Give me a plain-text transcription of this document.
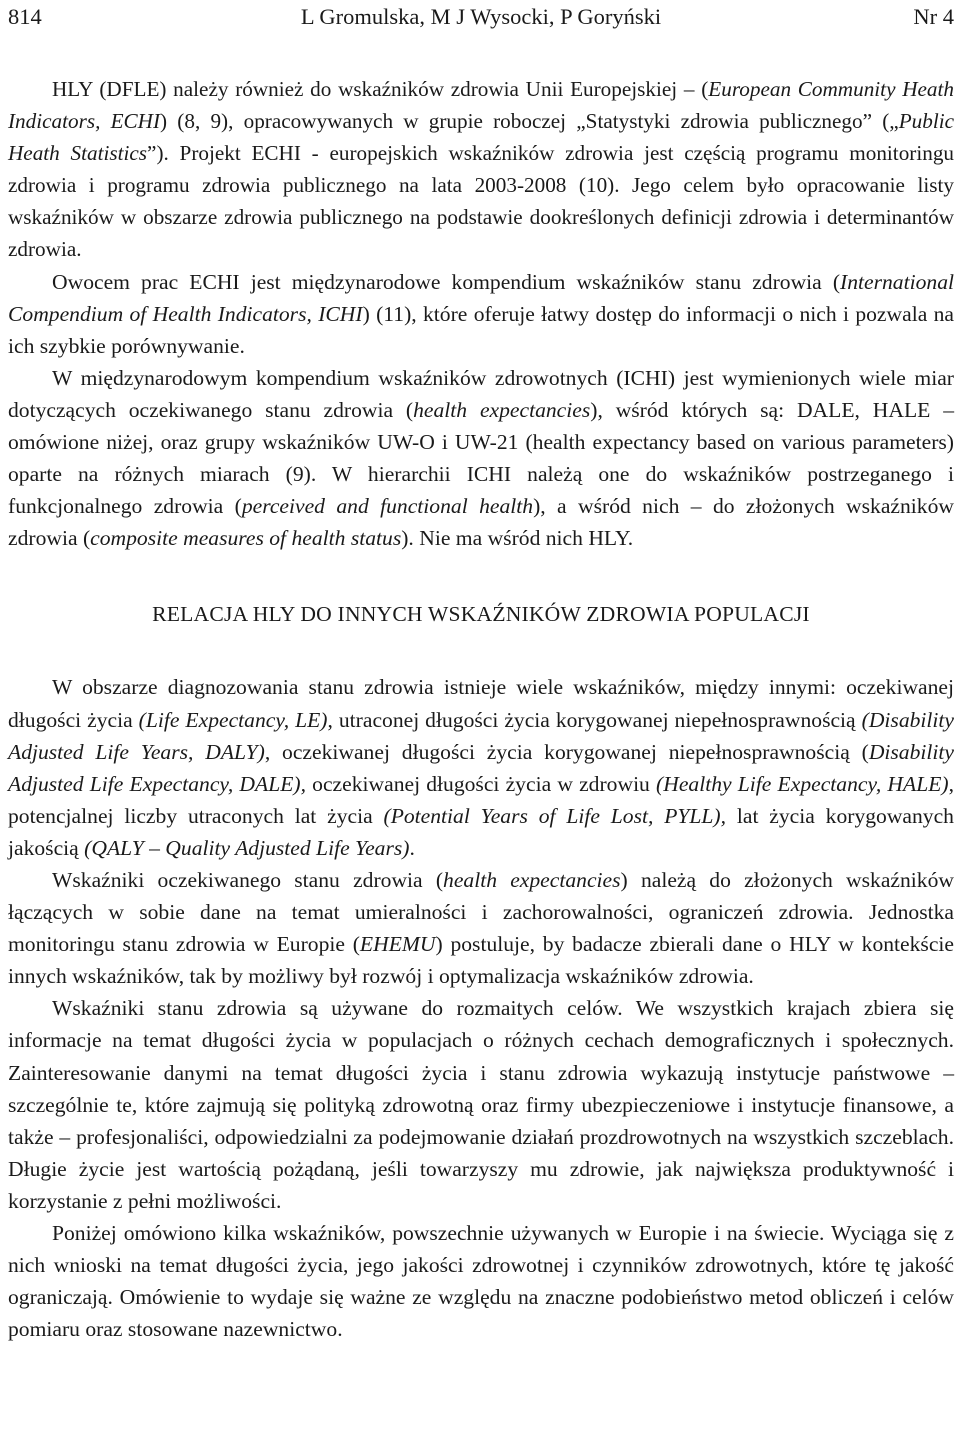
814	L Gromulska, M J Wysocki, P Goryński	Nr 4

HLY (DFLE) należy również do wskaźników zdrowia Unii Europejskiej – (European Community Heath Indicators, ECHI) (8, 9), opracowywanych w grupie roboczej „Statystyki zdrowia publicznego” („Public Heath Statistics”). Projekt ECHI - europejskich wskaźników zdrowia jest częścią programu monitoringu zdrowia i programu zdrowia publicznego na lata 2003-2008 (10). Jego celem było opracowanie listy wskaźników w obszarze zdrowia publicznego na podstawie dookreślonych definicji zdrowia i determinantów zdrowia.

Owocem prac ECHI jest międzynarodowe kompendium wskaźników stanu zdrowia (International Compendium of Health Indicators, ICHI) (11), które oferuje łatwy dostęp do informacji o nich i pozwala na ich szybkie porównywanie.

W międzynarodowym kompendium wskaźników zdrowotnych (ICHI) jest wymienionych wiele miar dotyczących oczekiwanego stanu zdrowia (health expectancies), wśród których są: DALE, HALE – omówione niżej, oraz grupy wskaźników UW-O i UW-21 (health expectancy based on various parameters) oparte na różnych miarach (9). W hierarchii ICHI należą one do wskaźników postrzeganego i funkcjonalnego zdrowia (perceived and functional health), a wśród nich – do złożonych wskaźników zdrowia (composite measures of health status). Nie ma wśród nich HLY.

RELACJA HLY DO INNYCH WSKAŹNIKÓW ZDROWIA POPULACJI

W obszarze diagnozowania stanu zdrowia istnieje wiele wskaźników, między innymi: oczekiwanej długości życia (Life Expectancy, LE), utraconej długości życia korygowanej niepełnosprawnością (Disability Adjusted Life Years, DALY), oczekiwanej długości życia korygowanej niepełnosprawnością (Disability Adjusted Life Expectancy, DALE), oczekiwanej długości życia w zdrowiu (Healthy Life Expectancy, HALE), potencjalnej liczby utraconych lat życia (Potential Years of Life Lost, PYLL), lat życia korygowanych jakością (QALY – Quality Adjusted Life Years).

Wskaźniki oczekiwanego stanu zdrowia (health expectancies) należą do złożonych wskaźników łączących w sobie dane na temat umieralności i zachorowalności, ograniczeń zdrowia. Jednostka monitoringu stanu zdrowia w Europie (EHEMU) postuluje, by badacze zbierali dane o HLY w kontekście innych wskaźników, tak by możliwy był rozwój i optymalizacja wskaźników zdrowia.

Wskaźniki stanu zdrowia są używane do rozmaitych celów. We wszystkich krajach zbiera się informacje na temat długości życia w populacjach o różnych cechach demograficznych i społecznych. Zainteresowanie danymi na temat długości życia i stanu zdrowia wykazują instytucje państwowe – szczególnie te, które zajmują się polityką zdrowotną oraz firmy ubezpieczeniowe i instytucje finansowe, a także – profesjonaliści, odpowiedzialni za podejmowanie działań prozdrowotnych na wszystkich szczeblach. Długie życie jest wartością pożądaną, jeśli towarzyszy mu zdrowie, jak największa produktywność i korzystanie z pełni możliwości.

Poniżej omówiono kilka wskaźników, powszechnie używanych w Europie i na świecie. Wyciąga się z nich wnioski na temat długości życia, jego jakości zdrowotnej i czynników zdrowotnych, które tę jakość ograniczają. Omówienie to wydaje się ważne ze względu na znaczne podobieństwo metod obliczeń i celów pomiaru oraz stosowane nazewnictwo.
